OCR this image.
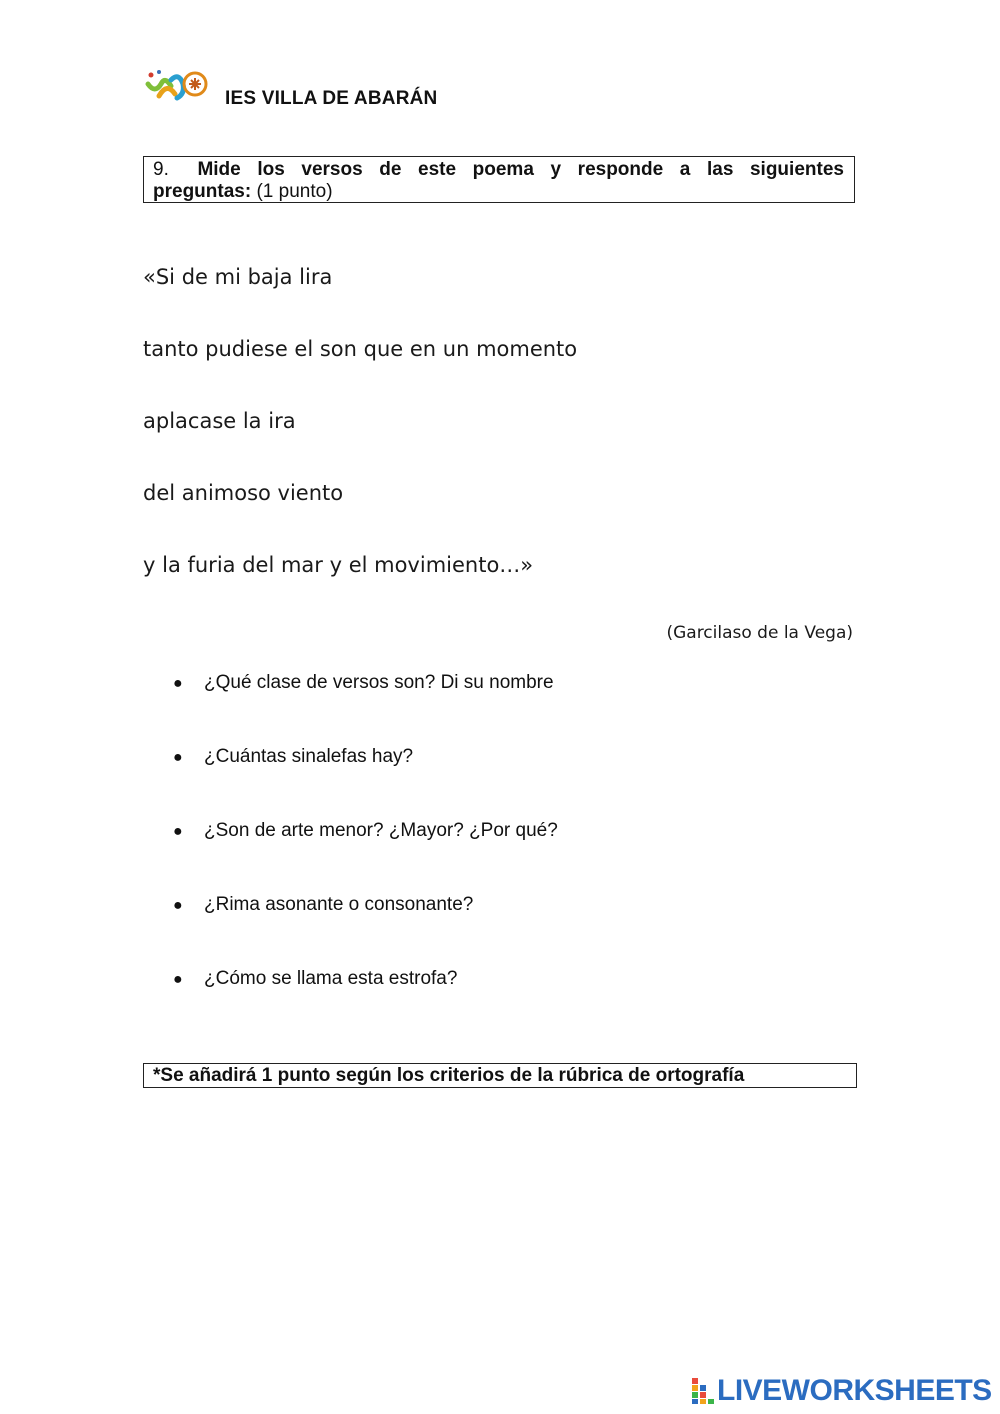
IES VILLA DE ABARÁN
9. Mide los versos de este poema y responde a las siguientes
preguntas: (1 punto)
«Si de mi baja lira
tanto pudiese el son que en un momento
aplacase la ira
del animoso viento
y la furia del mar y el movimiento…»
(Garcilaso de la Vega)
● ¿Qué clase de versos son? Di su nombre
● ¿Cuántas sinalefas hay?
● ¿Son de arte menor? ¿Mayor? ¿Por qué?
● ¿Rima asonante o consonante?
● ¿Cómo se llama esta estrofa?
*Se añadirá 1 punto según los criterios de la rúbrica de ortografía
LIVEWORKSHEETS
